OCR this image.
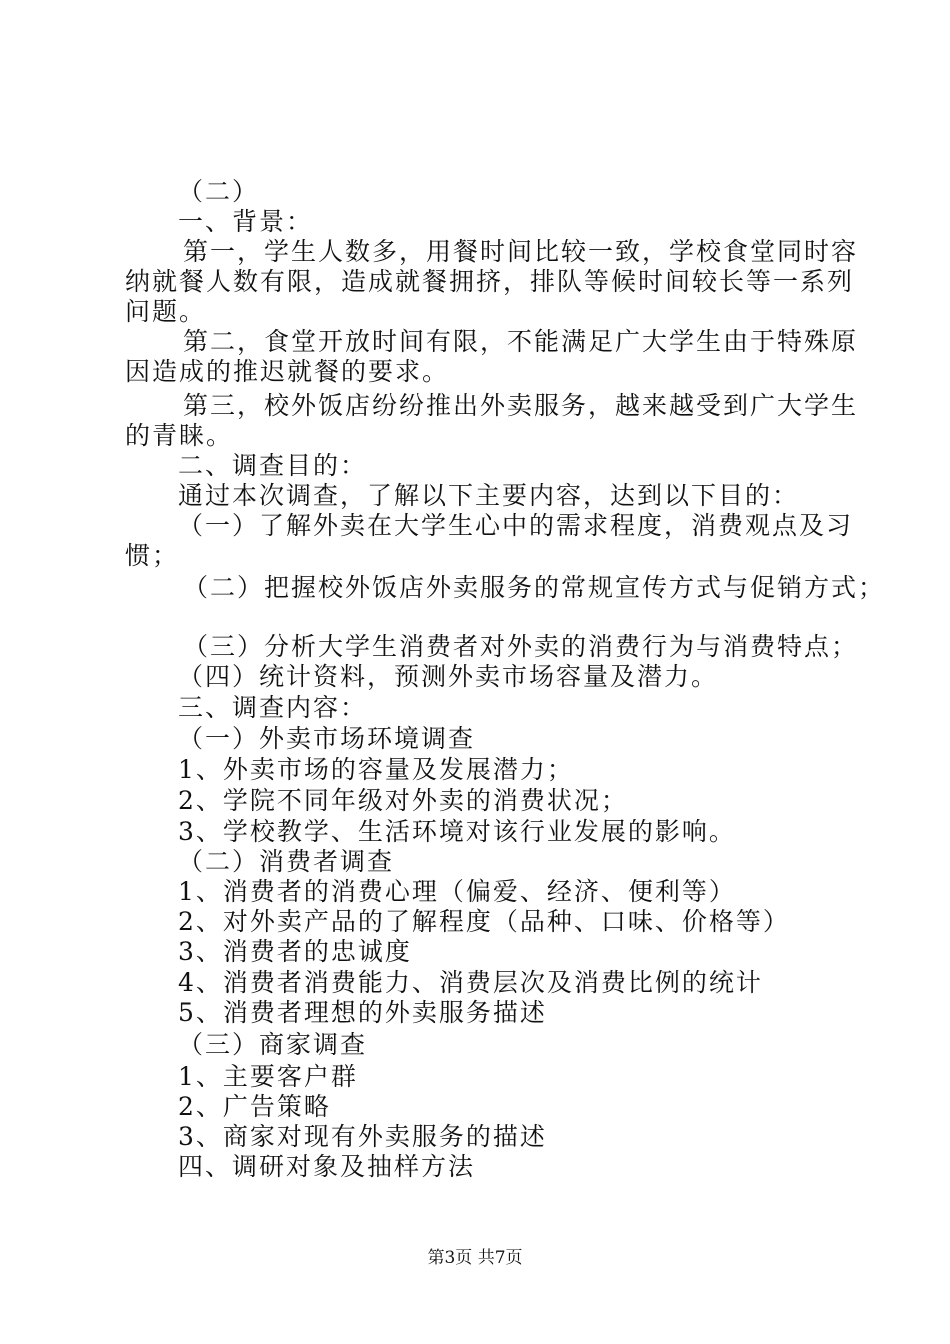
（二）
一、背景：
第一，学生人数多，用餐时间比较一致，学校食堂同时容
纳就餐人数有限，造成就餐拥挤，排队等候时间较长等一系列
问题。
第二，食堂开放时间有限，不能满足广大学生由于特殊原
因造成的推迟就餐的要求。
第三，校外饭店纷纷推出外卖服务，越来越受到广大学生
的青睐。
二、调查目的：
通过本次调查，了解以下主要内容，达到以下目的：
（一）了解外卖在大学生心中的需求程度，消费观点及习
惯；
（二）把握校外饭店外卖服务的常规宣传方式与促销方式；
（三）分析大学生消费者对外卖的消费行为与消费特点；
（四）统计资料，预测外卖市场容量及潜力。
三、调查内容：
（一）外卖市场环境调查
1、外卖市场的容量及发展潜力；
2、学院不同年级对外卖的消费状况；
3、学校教学、生活环境对该行业发展的影响。
（二）消费者调查
1、消费者的消费心理（偏爱、经济、便利等）
2、对外卖产品的了解程度（品种、口味、价格等）
3、消费者的忠诚度
4、消费者消费能力、消费层次及消费比例的统计
5、消费者理想的外卖服务描述
（三）商家调查
1、主要客户群
2、广告策略
3、商家对现有外卖服务的描述
四、调研对象及抽样方法
第3页 共7页
